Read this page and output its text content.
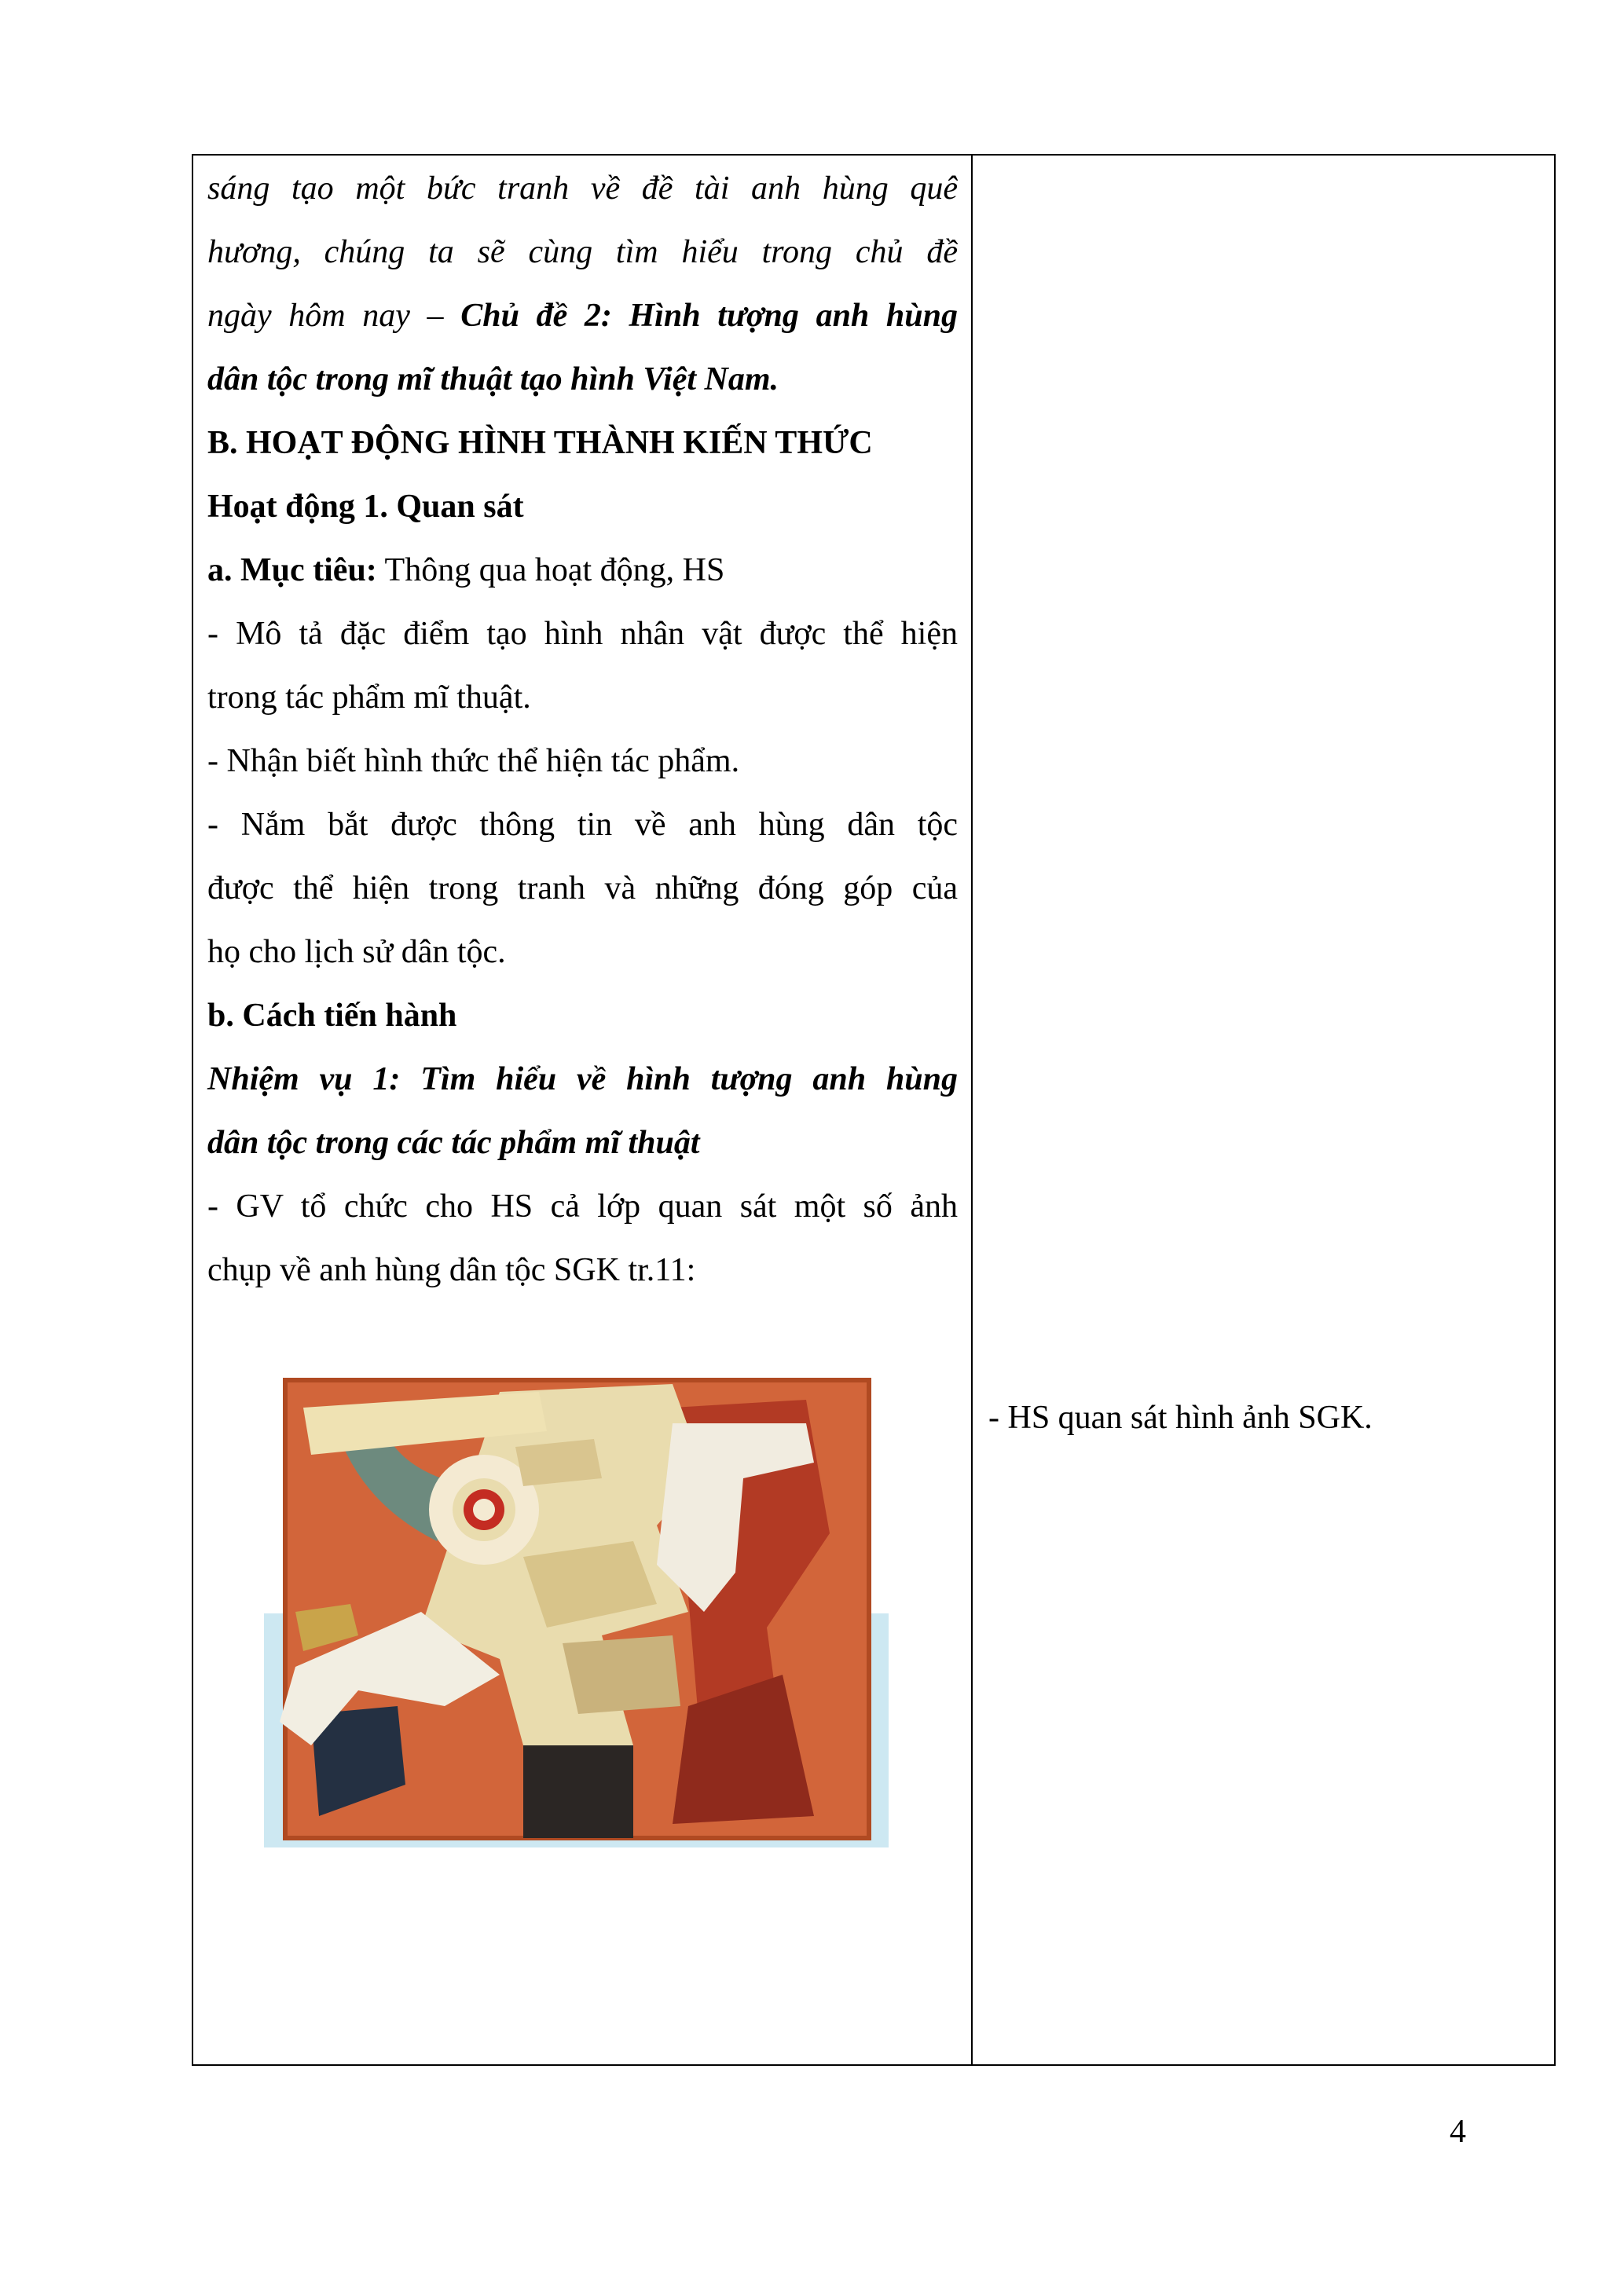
sáng tạo một bức tranh về đề tài anh hùng quê
hương, chúng ta sẽ cùng tìm hiểu trong chủ đề
ngày hôm nay – Chủ đề 2: Hình tượng anh hùng
dân tộc trong mĩ thuật tạo hình Việt Nam.
B. HOẠT ĐỘNG HÌNH THÀNH KIẾN THỨC
Hoạt động 1. Quan sát
a. Mục tiêu: Thông qua hoạt động, HS
- Mô tả đặc điểm tạo hình nhân vật được thể hiện
trong tác phẩm mĩ thuật.
- Nhận biết hình thức thể hiện tác phẩm.
- Nắm bắt được thông tin về anh hùng dân tộc
được thể hiện trong tranh và những đóng góp của
họ cho lịch sử dân tộc.
b. Cách tiến hành
Nhiệm vụ 1: Tìm hiểu về hình tượng anh hùng
dân tộc trong các tác phẩm mĩ thuật
- GV tổ chức cho HS cả lớp quan sát một số ảnh
chụp về anh hùng dân tộc SGK tr.11:
- HS quan sát hình ảnh SGK.
4
